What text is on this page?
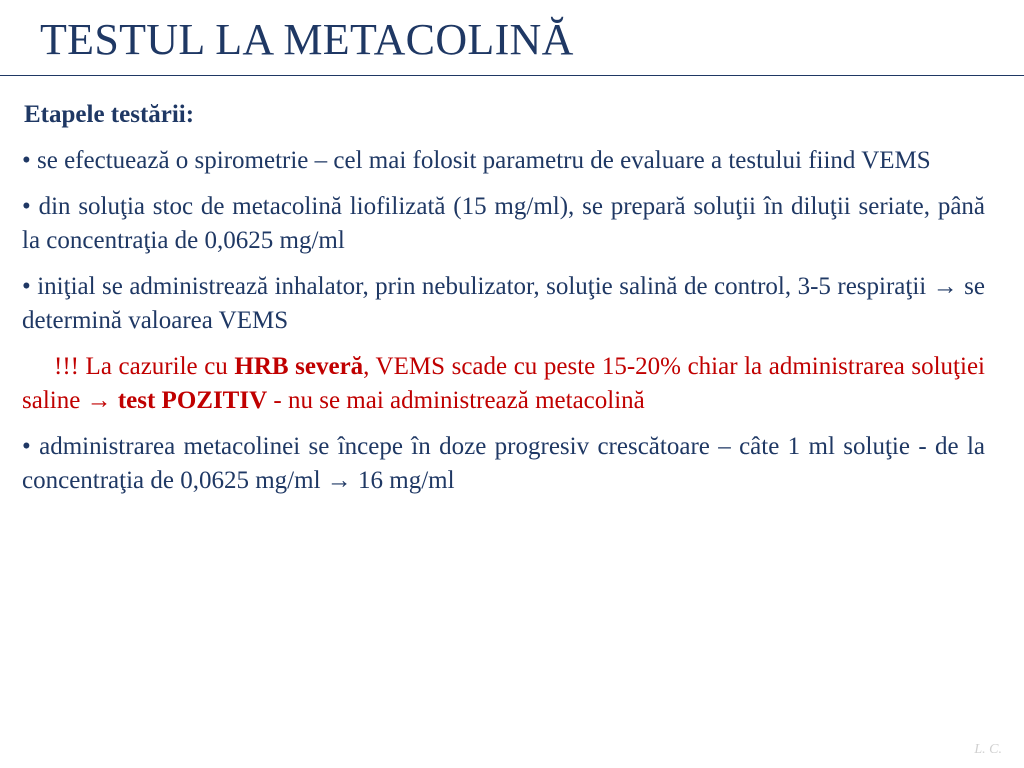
TESTUL LA METACOLINĂ

Etapele testării:

• se efectuează o spirometrie – cel mai folosit parametru de evaluare a testului fiind VEMS

• din soluţia stoc de metacolină liofilizată (15 mg/ml), se prepară soluţii în diluţii seriate, până la concentraţia de 0,0625 mg/ml

• iniţial se administrează inhalator, prin nebulizator, soluţie salină de control, 3-5 respiraţii → se determină valoarea VEMS

!!! La cazurile cu HRB severă, VEMS scade cu peste 15-20% chiar la administrarea soluţiei saline → test POZITIV - nu se mai administrează metacolină

• administrarea metacolinei se începe în doze progresiv crescătoare – câte 1 ml soluţie - de la concentraţia de 0,0625 mg/ml → 16 mg/ml

L. C.
